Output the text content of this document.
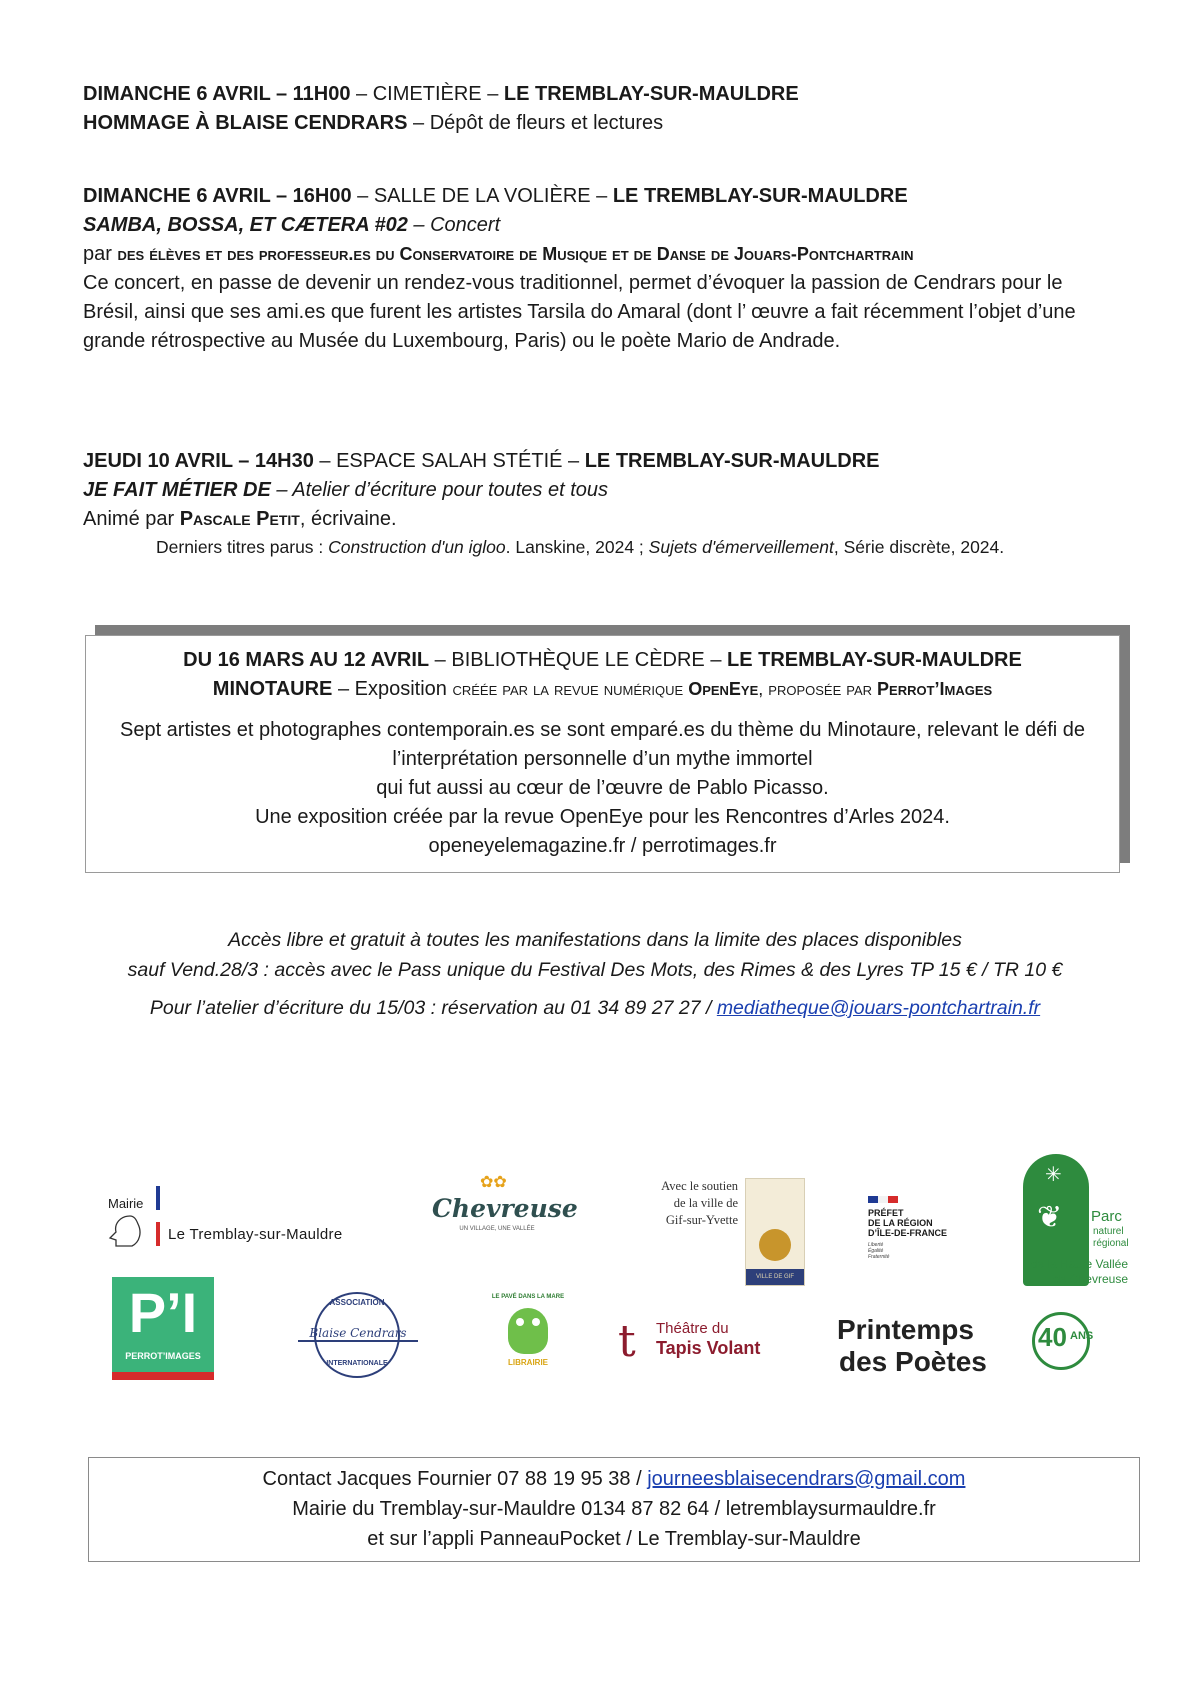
DIMANCHE 6 AVRIL – 11H00 – CIMETIÈRE – LE TREMBLAY-SUR-MAULDRE
HOMMAGE À BLAISE CENDRARS – Dépôt de fleurs et lectures
DIMANCHE 6 AVRIL – 16H00 – SALLE DE LA VOLIÈRE – LE TREMBLAY-SUR-MAULDRE
SAMBA, BOSSA, ET CÆTERA #02 – Concert
par des élèves et des professeur.es du Conservatoire de Musique et de Danse de Jouars-Pontchartrain
Ce concert, en passe de devenir un rendez-vous traditionnel, permet d’évoquer la passion de Cendrars pour le Brésil, ainsi que ses ami.es que furent les artistes Tarsila do Amaral (dont l’ œuvre a fait récemment l’objet d’une grande rétrospective au Musée du Luxembourg, Paris) ou le poète Mario de Andrade.
JEUDI 10 AVRIL – 14H30 – ESPACE SALAH STÉTIÉ – LE TREMBLAY-SUR-MAULDRE
JE FAIT MÉTIER DE – Atelier d’écriture pour toutes et tous
Animé par Pascale Petit, écrivaine.
Derniers titres parus : Construction d'un igloo. Lanskine, 2024 ; Sujets d'émerveillement, Série discrète, 2024.
DU 16 MARS AU 12 AVRIL – BIBLIOTHÈQUE LE CÈDRE – LE TREMBLAY-SUR-MAULDRE
MINOTAURE – Exposition créée par la revue numérique OpenEye, proposée par Perrot’Images
Sept artistes et photographes contemporain.es se sont emparé.es du thème du Minotaure, relevant le défi de l’interprétation personnelle d’un mythe immortel
qui fut aussi au cœur de l’œuvre de Pablo Picasso.
Une exposition créée par la revue OpenEye pour les Rencontres d’Arles 2024.
openeyelemagazine.fr / perrotimages.fr
Accès libre et gratuit à toutes les manifestations dans la limite des places disponibles
sauf Vend.28/3 : accès avec le Pass unique du Festival Des Mots, des Rimes & des Lyres TP 15 € / TR 10 €
Pour l’atelier d’écriture du 15/03 : réservation au 01 34 89 27 27 / mediatheque@jouars-pontchartrain.fr
Mairie
Le Tremblay-sur-Mauldre
✿✿
Chevreuse
UN VILLAGE, UNE VALLÉE
Avec le soutien de la ville de Gif-sur-Yvette
VILLE DE GIF
PRÉFET
DE LA RÉGION
D’ÎLE-DE-FRANCE
Liberté Égalité Fraternité
✳
❦ Parc
naturel
régional
de la Haute Vallée
de Chevreuse
P’I
PERROT’IMAGES
ASSOCIATION
Blaise Cendrars
INTERNATIONALE
LE PAVÉ DANS LA MARE
LIBRAIRIE	t Théâtre du
Tapis Volant
Printemps
des Poètes
40 ANS
Contact Jacques Fournier 07 88 19 95 38 / journeesblaisecendrars@gmail.com
Mairie du Tremblay-sur-Mauldre 0134 87 82 64 / letremblaysurmauldre.fr
et sur l’appli PanneauPocket / Le Tremblay-sur-Mauldre
